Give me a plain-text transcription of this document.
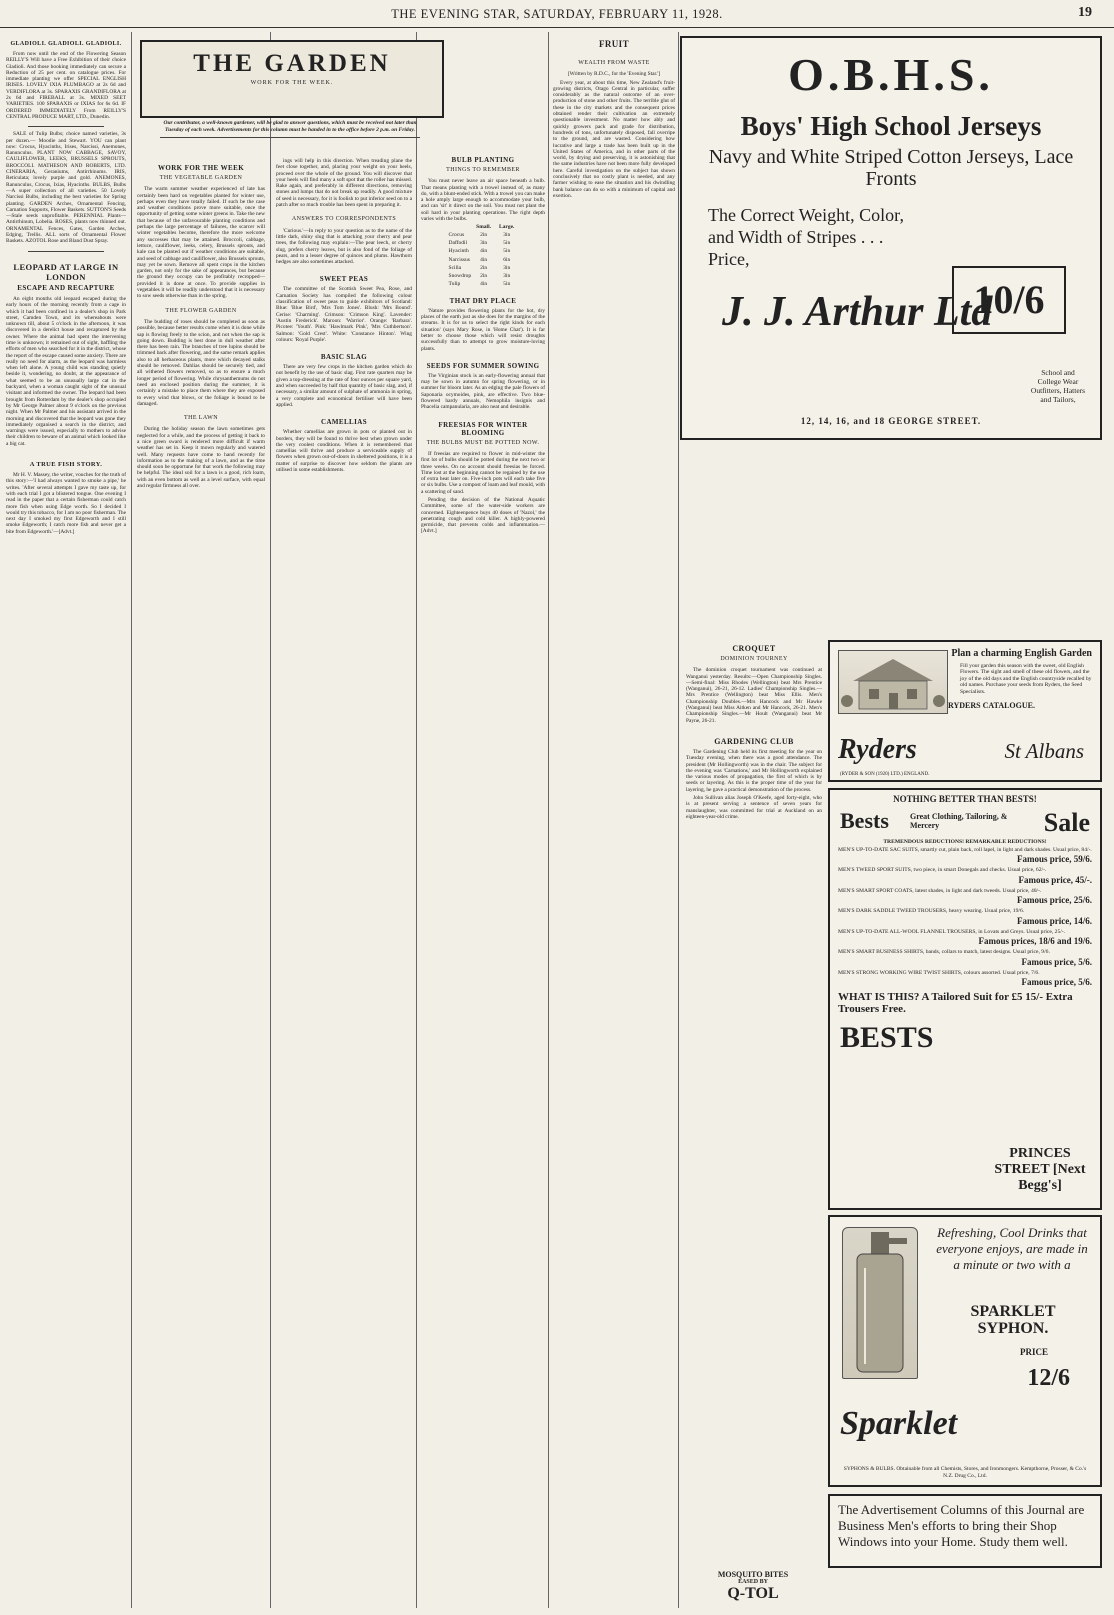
THE EVENING STAR, SATURDAY, FEBRUARY 11, 1928.	19
GLADIOLI. GLADIOLI. GLADIOLI.

From now until the end of the Flowering Season REILLY'S Will have a Free Exhibition of their choice Gladioli. And those booking immediately can secure a Reduction of 25 per cent. on catalogue prices. For immediate planting we offer SPECIAL ENGLISH IRISES. LOVELY IXIA PLUMBAGO at 2s 6d and VERDIFLORA at 3s. SPARAXIS GRANDIFLORA at 2s 6d and FIREBALL at 3s. MIXED SEET VARIETIES. 100 SPARAXIS or IXIAS for 6s 6d. IF ORDERED IMMEDIATELY From REILLY'S CENTRAL PRODUCE MART, LTD., Dunedin.

SALE of Tulip Bulbs; choice named varieties, 3s per dozen.— Moodie and Stewart. YOU can plant now: Crocus, Hyacinths, Irises, Narcissi, Anemones, Ranunculus. PLANT NOW CABBAGE, SAVOY, CAULIFLOWER, LEEKS, BRUSSELS SPROUTS, BROCCOLI. MATHESON AND ROBERTS, LTD. CINERARIA, Geraniums, Antirrhinums. IRIS, Reticulata; lovely purple and gold. ANEMONES, Ranunculus, Crocus, Ixias, Hyacinths. BULBS, Bulbs—A super collection of all varieties. 50 Lovely Narcissi Bulbs, including the best varieties for Spring planting. GARDEN Arches, Ornamental Fencing, Carnation Supports, Flower Baskets. SUTTON'S Seeds—Stale seeds unprofitable. PERENNIAL Plants—Antirrhinum, Lobelia. ROSES, plants now thinned out. ORNAMENTAL Fences, Gates, Garden Arches, Edging, Trellis. ALL sorts of Ornamental Flower Baskets. AZOTOL Rose and Bland Dust Spray.

LEOPARD AT LARGE IN LONDON
ESCAPE AND RECAPTURE

An eight months old leopard escaped during the early hours of the morning recently from a cage in which it had been confined in a dealer's shop in Park street, Camden Town, and its whereabouts were unknown till, about 5 o'clock in the afternoon, it was discovered in a derelict house and recaptured by the owner. Where the animal had spent the intervening time is unknown; it remained out of sight, baffling the efforts of men who searched for it in the district, whose the report of the escape caused some anxiety. There are really no need for alarm, as the leopard was harmless when left alone. A young child was standing quietly beside it, wondering, no doubt, at the appearance of what seemed to be an unusually large cat in the backyard, when a woman caught sight of the unusual visitant and informed the owner. The leopard had been brought from Rotterdam by the dealer's shop occupied by Mr George Palmer about 9 o'clock on the previous night. When Mr Palmer and his assistant arrived in the morning and discovered that the leopard was gone they immediately organised a search in the district, and warnings were issued, especially to mothers to advise their children to beware of an animal which looked like a big cat.

A TRUE FISH STORY.

Mr H. V. Massey, the writer, vouches for the truth of this story:—'I had always wanted to smoke a pipe,' he writes. 'After several attempts I gave my taste up, for with each trial I got a blistered tongue. One evening I read in the paper that a certain fisherman could catch more fish when using Edge worth. So I decided I would try this tobacco, for I am no poor fisherman. The next day I smoked my first Edgeworth and I still smoke Edgeworth; I catch more fish and never get a bite from Edgeworth.'—[Advt.]

THE GARDEN
WORK FOR THE WEEK.
Our contributor, a well-known gardener, will be glad to answer questions, which must be received not later than Tuesday of each week. Advertisements for this column must be handed in to the office before 2 p.m. on Friday.
WORK FOR THE WEEK
THE VEGETABLE GARDEN

The warm summer weather experienced of late has certainly been hard on vegetables planted for winter use, perhaps even they have totally failed. If such be the case and weather conditions prove more suitable, once the opportunity of getting some winter greens in. Take the new that because of the unfavourable planting conditions and perhaps the large percentage of failures, the scarcer will winter vegetables become, therefore the more welcome any successes that may be attained. Broccoli, cabbage, lettuce, cauliflower, leeks, celery, Brussels sprouts, and kale can be planted out if weather conditions are suitable, and seed of cabbage and cauliflower, also Brussels sprouts, may yet be sown. Remove all spent crops in the kitchen garden, not only for the sake of appearances, but because the ground they occupy can be profitably recropped—provided it is done at once. To provide supplies in vegetables it will be readily understood that it is necessary to sow seeds otherwise than in the spring.

THE FLOWER GARDEN

The budding of roses should be completed as soon as possible, because better results come when it is done while sap is flowing freely to the scion, and not when the sap is going down. Budding is best done in dull weather after there has been rain. The branches of tree lupins should be trimmed back after flowering, and the same remark applies also to all herbaceous plants, more which decayed stalks should be removed. Dahlias should be securely tied, and all withered flowers removed, so as to ensure a much longer period of flowering. While chrysanthemums do not need an enclosed position during the summer, it is certainly a mistake to place them where they are exposed to every wind that blows, or the foliage is bound to be damaged.

THE LAWN

During the holiday season the lawn sometimes gets neglected for a while, and the process of getting it back to a nice green sward is rendered more difficult if warm weather has set in. Keep it mown regularly and watered well. Many requests have come to hand recently for information as to the making of a lawn, and as the time should soon be opportune for that work the following may be helpful. The ideal soil for a lawn is a good, rich loam, with an even bottom as well as a level surface, with equal and regular firmness all over.

ings will help in this direction. When treading plane the feet close together, and, placing your weight on your heels, proceed over the whole of the ground. You will discover that your heels will find many a soft spot that the roller has missed. Rake again, and preferably in different directions, removing stones and lumps that do not break up readily. A good mixture of seed is necessary, for it is foolish to put inferior seed on to a patch after so much trouble has been spent in preparing it.

ANSWERS TO CORRESPONDENTS

'Curious.'—In reply to your question as to the name of the little dark, shiny slug that is attacking your cherry and pear trees, the following may explain:—The pear leech, or cherry slug, prefers cherry leaves, but is also fond of the foliage of pears, and to a lesser degree of quinces and plums. Hawthorn hedges are also sometimes attacked.

SWEET PEAS

The committee of the Scottish Sweet Pea, Rose, and Carnation Society has compiled the following colour classification of sweet peas to guide exhibitors of Scotland: Blue: 'Blue Bird', 'Mrs Tom Jones'. Blush: 'Mrs Bound'. Cerise: 'Charming'. Crimson: 'Crimson King'. Lavender: 'Austin Frederick'. Maroon: 'Warrior'. Orange: 'Barbara'. Picotee: 'Youth'. Pink: 'Hawlmark Pink', 'Mrs Cuthbertson'. Salmon: 'Gold Crest'. White: 'Constance Hinton'. Wing colours: 'Royal Purple'.

BASIC SLAG

There are very few crops in the kitchen garden which do not benefit by the use of basic slag. First rate quarters may be given a top-dressing at the rate of four ounces per square yard, and when succeeded by half that quantity of basic slag, and, if necessary, a similar amount of sulphate of ammonia in spring, a very complete and economical fertiliser will have been applied.

CAMELLIAS

Whether camellias are grown in pots or planted out in borders, they will be found to thrive best when grown under the very coolest conditions. When it is remembered that camellias will thrive and produce a serviceable supply of flowers when grown out-of-doors in sheltered positions, it is a matter of surprise to discover how seldom the plants are utilised in some establishments.

BULB PLANTING
THINGS TO REMEMBER

You must never leave an air space beneath a bulb. That means planting with a trowel instead of, as many do, with a blunt-ended stick. With a trowel you can make a hole amply large enough to accommodate your bulb, and can 'sit' it direct on the soil. You must not plant the soil hard in your planting operations. The right depth varies with the bulbs.

	Small.	Large.
Crocus	2in	3in
Daffodil	3in	5in
Hyacinth	4in	5in
Narcissus	4in	6in
Scilla	2in	3in
Snowdrop	2in	3in
Tulip	4in	5in
THAT DRY PLACE

'Nature provides flowering plants for the hot, dry places of the earth just as she does for the margins of the streams. It is for us to select the right kinds for each situation' (says Mary Rose, in 'Home Chat'). It is far better to choose those which will resist droughts successfully than to attempt to grow moisture-loving plants.

SEEDS FOR SUMMER SOWING

The Virginian stock is an early-flowering annual that may be sown in autumn for spring flowering, or in summer for bloom later. As an edging the pale flowers of Saponaria ocymoides, pink, are effective. Two blue-flowered hardy annuals, Nemophila insignis and Phacelia campanularia, are also neat and desirable.

FREESIAS FOR WINTER BLOOMING
THE BULBS MUST BE POTTED NOW.

If freesias are required to flower in mid-winter the first lot of bulbs should be potted during the next two or three weeks. On no account should freesias be forced. Time lost at the beginning cannot be regained by the use of extra heat later on. Five-inch pots will each take five or six bulbs. Use a compost of loam and leaf mould, with a scattering of sand.

Pending the decision of the National Aquatic Committee, some of the water-side workers are concerned. Eighteenpence buys 40 doses of 'Nazol,' the penetrating cough and cold killer. A highly-powered germicide, that prevents colds and inflammation.—[Advt.]

FRUIT
WEALTH FROM WASTE
[Written by R.D.C., for the 'Evening Star.']

Every year, at about this time, New Zealand's fruit-growing districts, Otago Central in particular, suffer considerably as the natural outcome of an over-production of stone and other fruits. The terrible glut of these in the city markets and the consequent prices obtained render their cultivation an extremely questionable investment. No matter how ably and quickly growers pack and grade for distribution, hundreds of tons, unfortunately disposed, fall overripe to the ground, and are wasted. Considering how lucrative and large a trade has been built up in the United States of America, and in other parts of the world, by drying and preserving, it is astonishing that the same industries have not been more fully developed here. Careful investigation on the subject has shown conclusively that no costly plant is needed, and any farmer wishing to ease the situation and his dwindling bank balance can do so with a minimum of capital and exertion.

CROQUET
DOMINION TOURNEY

The dominion croquet tournament was continued at Wanganui yesterday. Results:—Open Championship Singles.—Semi-final: Miss Rhodes (Wellington) beat Mrs Prentice (Wanganui), 26-21, 26-12. Ladies' Championship Singles.—Mrs Prentice (Wellington) beat Miss Ellis. Men's Championship Doubles.—Mrs Hancock and Mr Hawke (Wanganui) beat Miss Aitken and Mr Hancock, 26-21. Men's Championship Singles.—Mr Hoult (Wanganui) beat Mr Payne, 26-21.

GARDENING CLUB

The Gardening Club held its first meeting for the year on Tuesday evening, when there was a good attendance. The president (Mr Hollingworth) was in the chair. The subject for the evening was 'Carnations,' and Mr Hollingworth explained the various modes of propagation, the first of which is by seeds or layering. As this is the proper time of the year for layering, he gave a practical demonstration of the process.

John Sullivan alias Joseph O'Keefe, aged forty-eight, who is at present serving a sentence of seven years for manslaughter, was committed for trial at Auckland on an eighteen-year-old crime.

MOSQUITO BITES
EASED BY
Q-TOL
O.B.H.S.
Boys' High School Jerseys
Navy and White Striped Cotton Jerseys, Lace Fronts
The Correct Weight, Color, and Width of Stripes . . . Price,
10/6
J. J. Arthur Ltd
School and College Wear Outfitters, Hatters and Tailors,
12, 14, 16, and 18 GEORGE STREET.
Plan a charming English Garden
Fill your garden this season with the sweet, old English Flowers. The sight and smell of these old flowers, and the joy of the old days and the English countryside recalled by old names. Purchase your seeds from Ryders, the Seed Specialists.
RYDERS CATALOGUE.
Ryders	St Albans
(RYDER & SON (1920) LTD.) ENGLAND.
NOTHING BETTER THAN BESTS!
Bests	Great Clothing, Tailoring, & Mercery	Sale
TREMENDOUS REDUCTIONS! REMARKABLE REDUCTIONS!
MEN'S UP-TO-DATE SAC SUITS, smartly cut, plain back, roll lapel, in light and dark shades. Usual price, 84/-.
Famous price, 59/6.
MEN'S TWEED SPORT SUITS, two piece, in smart Donegals and checks. Usual price, 62/-.
Famous price, 45/-.
MEN'S SMART SPORT COATS, latest shades, in light and dark tweeds. Usual price, 40/-.
Famous price, 25/6.
MEN'S DARK SADDLE TWEED TROUSERS, heavy wearing. Usual price, 19/6.
Famous price, 14/6.
MEN'S UP-TO-DATE ALL-WOOL FLANNEL TROUSERS, in Lovats and Greys. Usual price, 25/-.
Famous prices, 18/6 and 19/6.
MEN'S SMART BUSINESS SHIRTS, bands, collars to match, latest designs. Usual price, 9/6.
Famous price, 5/6.
MEN'S STRONG WORKING WIRE TWIST SHIRTS, colours assorted. Usual price, 7/6.
Famous price, 5/6.
WHAT IS THIS? A Tailored Suit for £5 15/- Extra Trousers Free.
BESTS
PRINCES STREET [Next Begg's]
Refreshing, Cool Drinks that everyone enjoys, are made in a minute or two with a
SPARKLET SYPHON.
PRICE
12/6
Sparklet
SYPHONS & BULBS. Obtainable from all Chemists, Stores, and Ironmongers. Kempthorne, Prosser, & Co.'s N.Z. Drug Co., Ltd.
The Advertisement Columns of this Journal are Business Men's efforts to bring their Shop Windows into your Home. Study them well.
